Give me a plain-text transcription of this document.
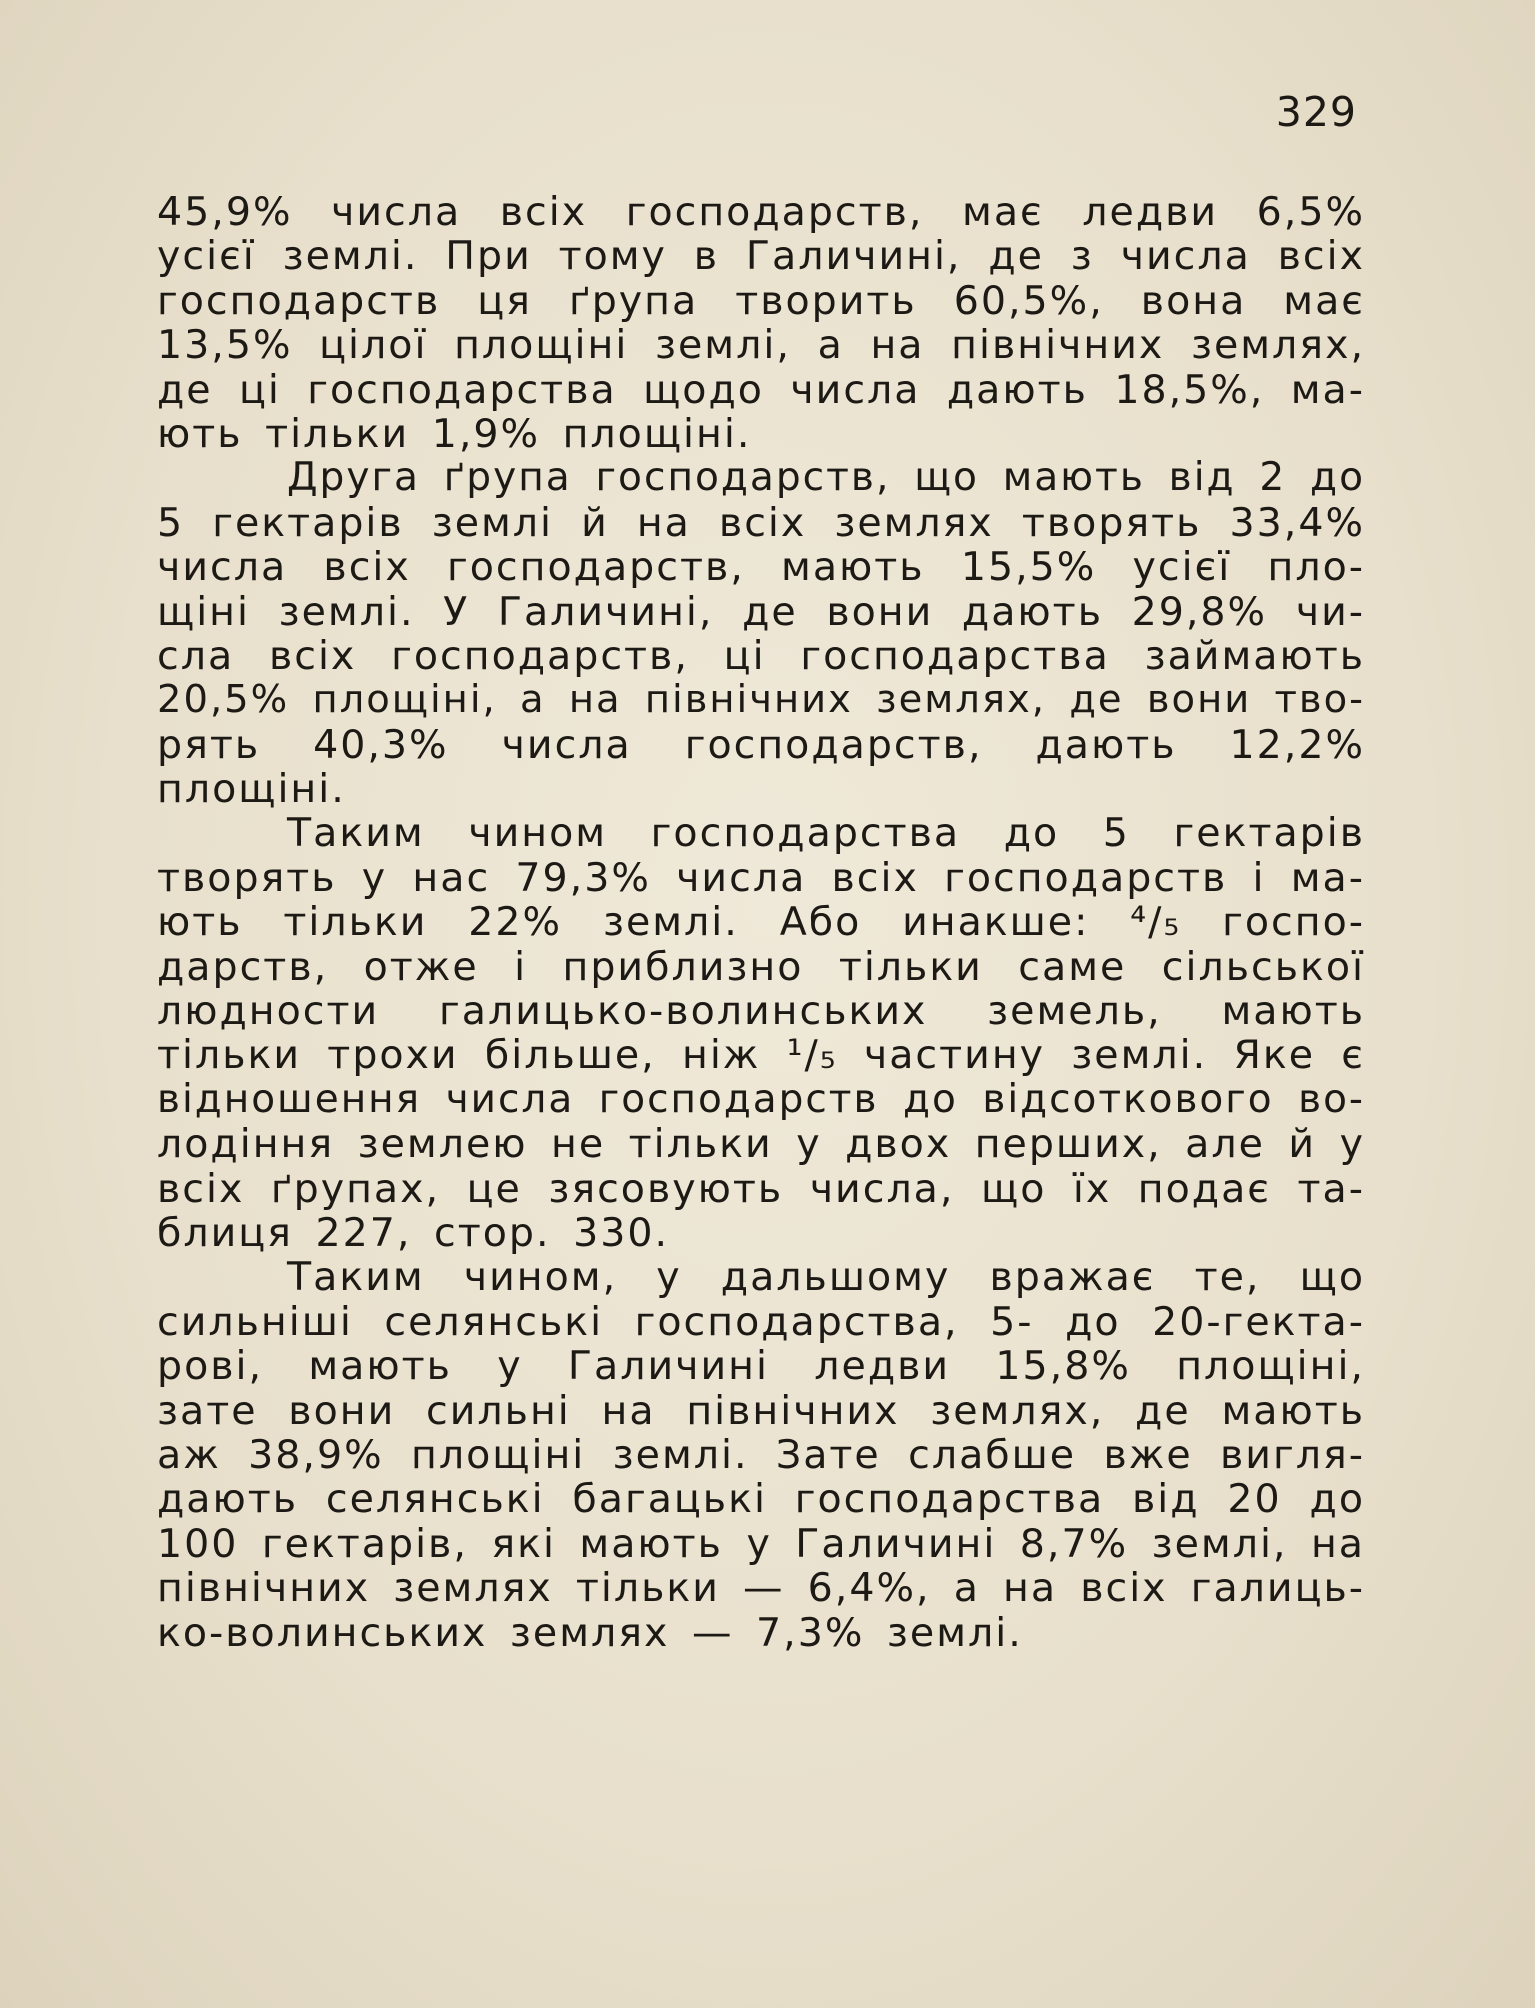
329
45,9% числа всіх господарств, має ледви 6,5%
усієї землі. При тому в Галичині, де з числа всіх
господарств ця ґрупа творить 60,5%, вона має
13,5% цілої площіні землі, а на північних землях,
де ці господарства щодо числа дають 18,5%, ма-
ють тільки 1,9% площіні.
Друга ґрупа господарств, що мають від 2 до
5 гектарів землі й на всіх землях творять 33,4%
числа всіх господарств, мають 15,5% усієї пло-
щіні землі. У Галичині, де вони дають 29,8% чи-
сла всіх господарств, ці господарства займають
20,5% площіні, а на північних землях, де вони тво-
рять 40,3% числа господарств, дають 12,2%
площіні.
Таким чином господарства до 5 гектарів
творять у нас 79,3% числа всіх господарств і ма-
ють тільки 22% землі. Або инакше: ⁴/₅ госпо-
дарств, отже і приблизно тільки саме сільської
людности галицько-волинських земель, мають
тільки трохи більше, ніж ¹/₅ частину землі. Яке є
відношення числа господарств до відсоткового во-
лодіння землею не тільки у двох перших, але й у
всіх ґрупах, це зясовують числа, що їх подає та-
блиця 227, стор. 330.
Таким чином, у дальшому вражає те, що
сильніші селянські господарства, 5- до 20-гекта-
рові, мають у Галичині ледви 15,8% площіні,
зате вони сильні на північних землях, де мають
аж 38,9% площіні землі. Зате слабше вже вигля-
дають селянські багацькі господарства від 20 до
100 гектарів, які мають у Галичині 8,7% землі, на
північних землях тільки — 6,4%, а на всіх галиць-
ко-волинських землях — 7,3% землі.
